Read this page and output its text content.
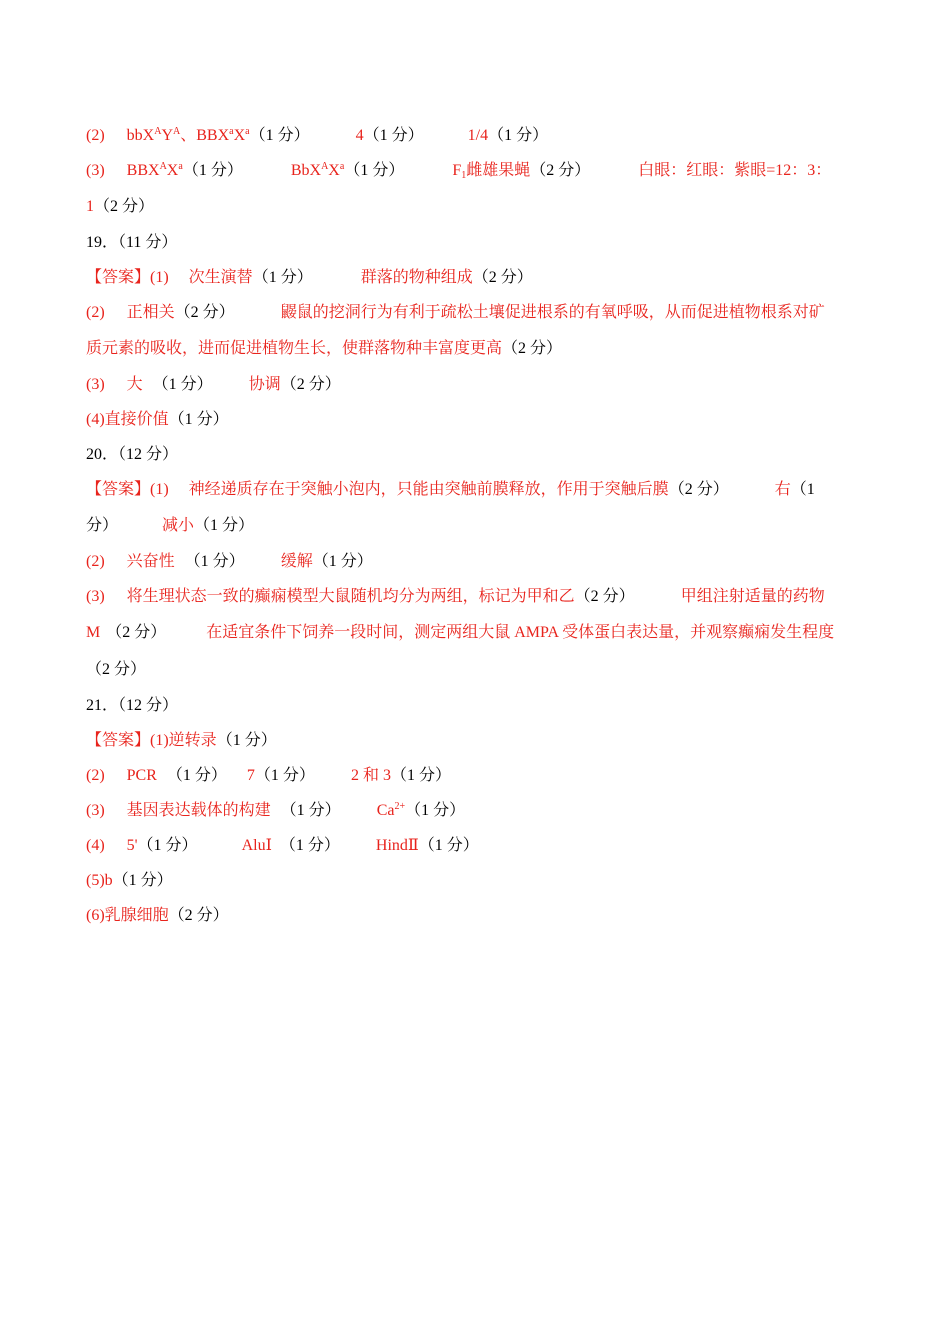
(2) $bbX^AY^A$、$BBX^aX^a(1$ 分）	4（1 分）	1/4（1 分）
(3) $BBX^AX^a(1$ 分）	$BbX^AX^a(1$ 分）	$F_1$雌雄果蝇（2 分）	白眼：红眼：紫眼=12：3：
1（2 分）
19．（11 分）
【答案】(1) 次生演替（1 分）	群落的物种组成（2 分）
(2) 正相关（2 分）	鼹鼠的挖洞行为有利于疏松土壤促进根系的有氧呼吸，从而促进植物根系对矿
质元素的吸收，进而促进植物生长，使群落物种丰富度更高（2 分）
(3) 大 （1 分） 协调（2 分）
(4)直接价值（1 分）
20．（12 分）
【答案】(1) 神经递质存在于突触小泡内，只能由突触前膜释放，作用于突触后膜（2 分）	右（1
分）	减小（1 分）
(2) 兴奋性 （1 分） 缓解（1 分）
(3) 将生理状态一致的癫痫模型大鼠随机均分为两组，标记为甲和乙（2 分）	甲组注射适量的药物
M （2 分）	在适宜条件下饲养一段时间，测定两组大鼠 AMPA 受体蛋白表达量，并观察癫痫发生程度
（2 分）
21．（12 分）
【答案】(1)逆转录（1 分）
(2) PCR （1 分） 7（1 分） 2 和 3（1 分）
(3) 基因表达载体的构建 （1 分） $Ca^{2+}(1$ 分）
(4) 5'（1 分）	AluⅠ （1 分） HindⅡ（1 分）
(5)b（1 分）
(6)乳腺细胞（2 分）
